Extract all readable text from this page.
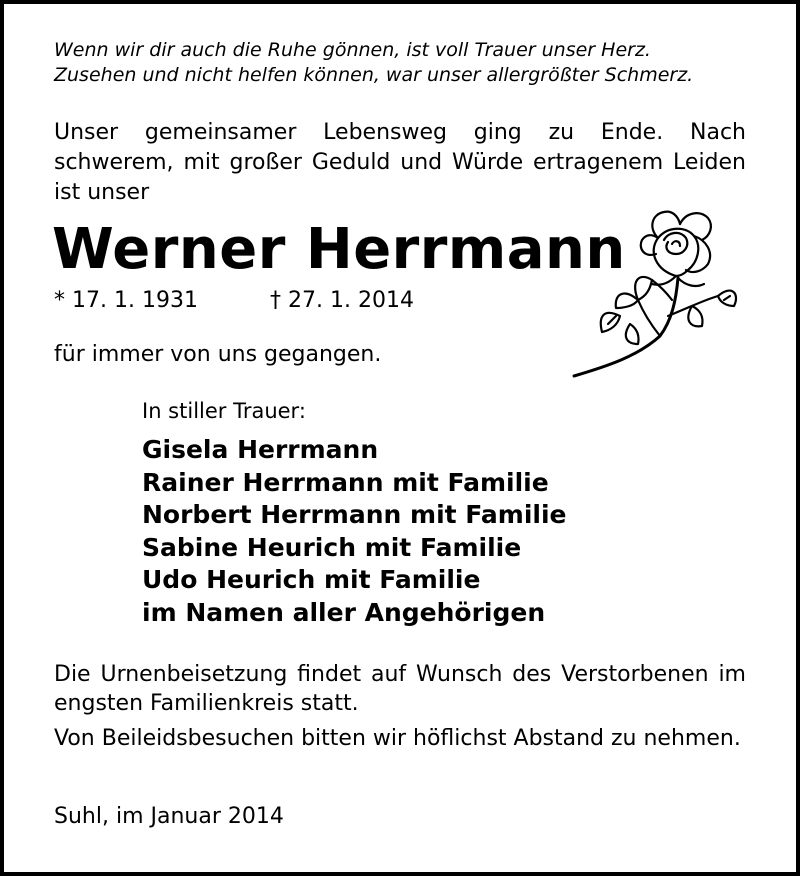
Wenn wir dir auch die Ruhe gönnen, ist voll Trauer unser Herz.
Zusehen und nicht helfen können, war unser allergrößter Schmerz.
Unser gemeinsamer Lebensweg ging zu Ende. Nach schwerem, mit großer Geduld und Würde ertragenem Leiden ist unser
Werner Herrmann
* 17. 1. 1931	† 27. 1. 2014
für immer von uns gegangen.
In stiller Trauer:
Gisela Herrmann
Rainer Herrmann mit Familie
Norbert Herrmann mit Familie
Sabine Heurich mit Familie
Udo Heurich mit Familie
im Namen aller Angehörigen

Die Urnenbeisetzung findet auf Wunsch des Verstorbenen im engsten Familienkreis statt.

Von Beileidsbesuchen bitten wir höflichst Abstand zu nehmen.

Suhl, im Januar 2014
